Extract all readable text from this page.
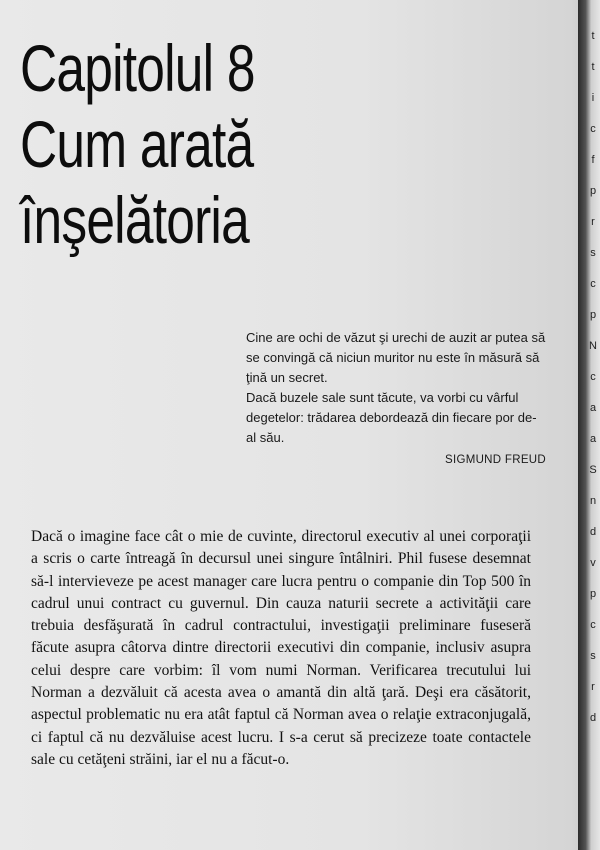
Capitolul 8
Cum arată
înşelătoria

Cine are ochi de văzut şi urechi de auzit ar putea să se convingă că niciun muritor nu este în măsură să ţină un secret.

Dacă buzele sale sunt tăcute, va vorbi cu vârful degetelor: trădarea debordează din fiecare por de-al său.

SIGMUND FREUD

Dacă o imagine face cât o mie de cuvinte, directorul executiv al unei corporaţii a scris o carte întreagă în decursul unei singure întâlniri. Phil fusese desemnat să-l intervieveze pe acest manager care lucra pentru o companie din Top 500 în cadrul unui contract cu guvernul. Din cauza naturii secrete a activităţii care trebuia desfăşurată în cadrul contractului, investigaţii preliminare fuseseră făcute asupra câtorva dintre directorii executivi din companie, inclusiv asupra celui despre care vorbim: îl vom numi Norman. Verificarea trecutului lui Norman a dezvăluit că acesta avea o amantă din altă ţară. Deşi era căsătorit, aspectul problematic nu era atât faptul că Norman avea o relaţie extraconjugală, ci faptul că nu dezvăluise acest lucru. I s-a cerut să precizeze toate contactele sale cu cetăţeni străini, iar el nu a făcut-o.

t
t
i
c
f
p
r
s
c
p
N
c
a
a
S
n
d
v
p
c
s
r
d
